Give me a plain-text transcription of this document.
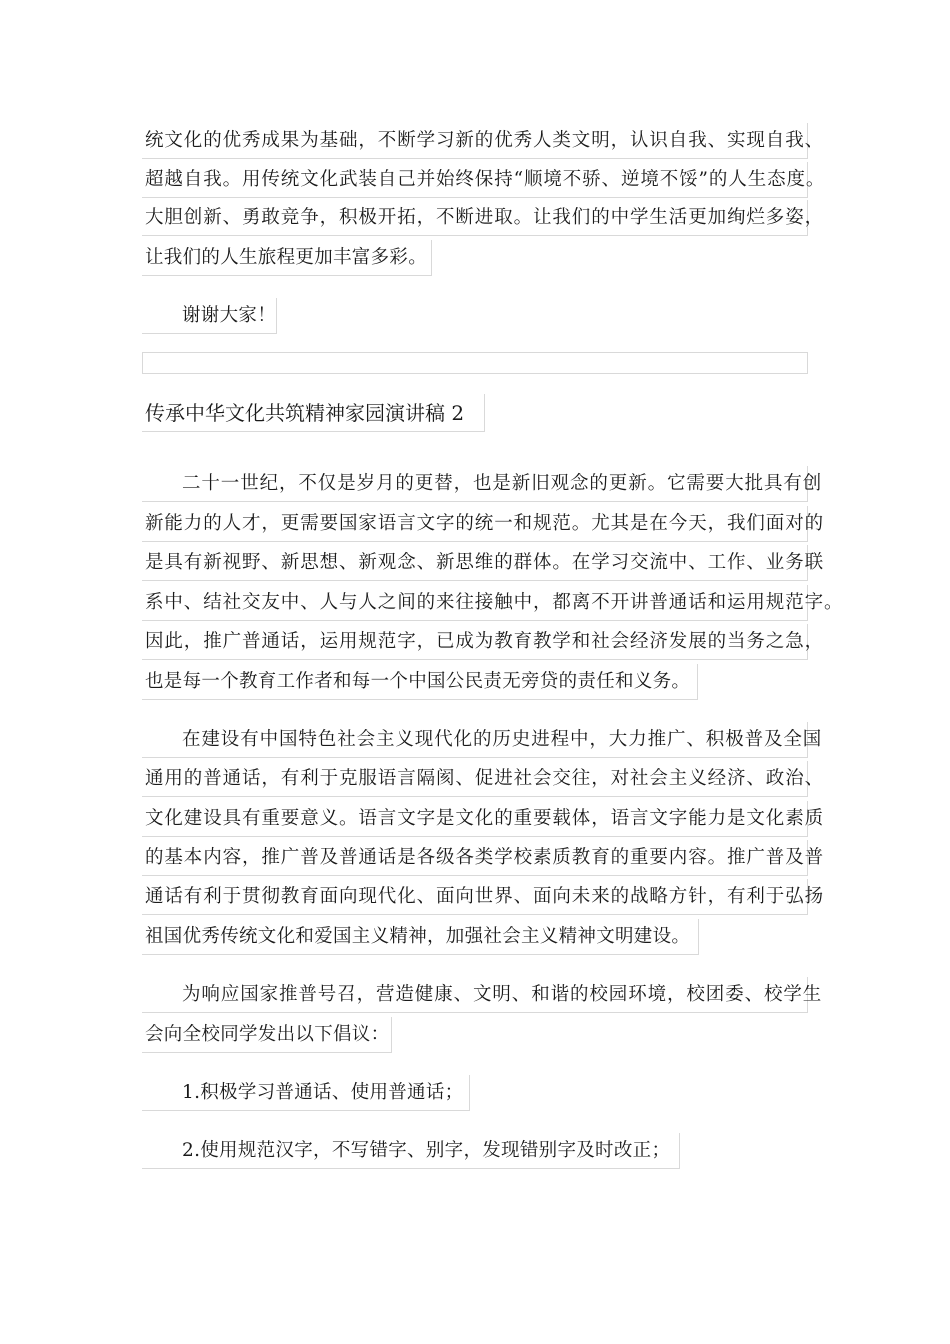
统文化的优秀成果为基础，不断学习新的优秀人类文明，认识自我、实现自我、
超越自我。用传统文化武装自己并始终保持“顺境不骄、逆境不馁”的人生态度。
大胆创新、勇敢竞争，积极开拓，不断进取。让我们的中学生活更加绚烂多姿，
让我们的人生旅程更加丰富多彩。
谢谢大家！
传承中华文化共筑精神家园演讲稿 2
二十一世纪，不仅是岁月的更替，也是新旧观念的更新。它需要大批具有创
新能力的人才，更需要国家语言文字的统一和规范。尤其是在今天，我们面对的
是具有新视野、新思想、新观念、新思维的群体。在学习交流中、工作、业务联
系中、结社交友中、人与人之间的来往接触中，都离不开讲普通话和运用规范字。
因此，推广普通话，运用规范字，已成为教育教学和社会经济发展的当务之急，
也是每一个教育工作者和每一个中国公民责无旁贷的责任和义务。
在建设有中国特色社会主义现代化的历史进程中，大力推广、积极普及全国
通用的普通话，有利于克服语言隔阂、促进社会交往，对社会主义经济、政治、
文化建设具有重要意义。语言文字是文化的重要载体，语言文字能力是文化素质
的基本内容，推广普及普通话是各级各类学校素质教育的重要内容。推广普及普
通话有利于贯彻教育面向现代化、面向世界、面向未来的战略方针，有利于弘扬
祖国优秀传统文化和爱国主义精神，加强社会主义精神文明建设。
为响应国家推普号召，营造健康、文明、和谐的校园环境，校团委、校学生
会向全校同学发出以下倡议：
1.积极学习普通话、使用普通话；
2.使用规范汉字，不写错字、别字，发现错别字及时改正；
